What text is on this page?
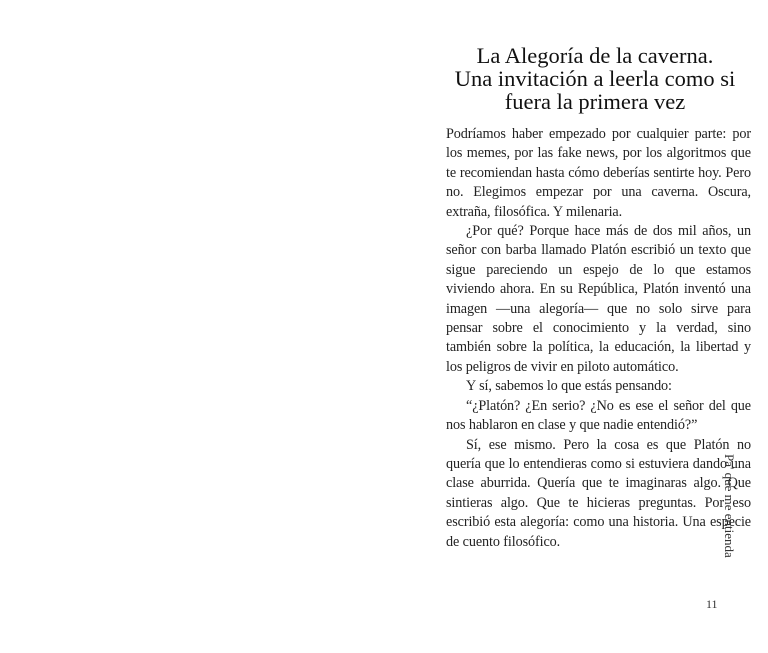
La Alegoría de la caverna.
Una invitación a leerla como si
fuera la primera vez

Podríamos haber empezado por cualquier parte: por los memes, por las fake news, por los algoritmos que te recomiendan hasta cómo deberías sentirte hoy. Pero no. Elegimos empezar por una caverna. Oscura, extraña, filosófica. Y milenaria.

¿Por qué? Porque hace más de dos mil años, un señor con barba llamado Platón escribió un texto que sigue pareciendo un espejo de lo que estamos viviendo ahora. En su República, Platón inventó una imagen —una alegoría— que no solo sirve para pensar sobre el conocimiento y la verdad, sino también sobre la política, la educación, la libertad y los peligros de vivir en piloto automático.

Y sí, sabemos lo que estás pensando:

“¿Platón? ¿En serio? ¿No es ese el señor del que nos hablaron en clase y que nadie entendió?”

Sí, ese mismo. Pero la cosa es que Platón no quería que lo entendieras como si estuviera dando una clase aburrida. Quería que te imaginaras algo. Que sintieras algo. Que te hicieras preguntas. Por eso escribió esta alegoría: como una historia. Una especie de cuento filosófico.	Pa' que me entienda
11
